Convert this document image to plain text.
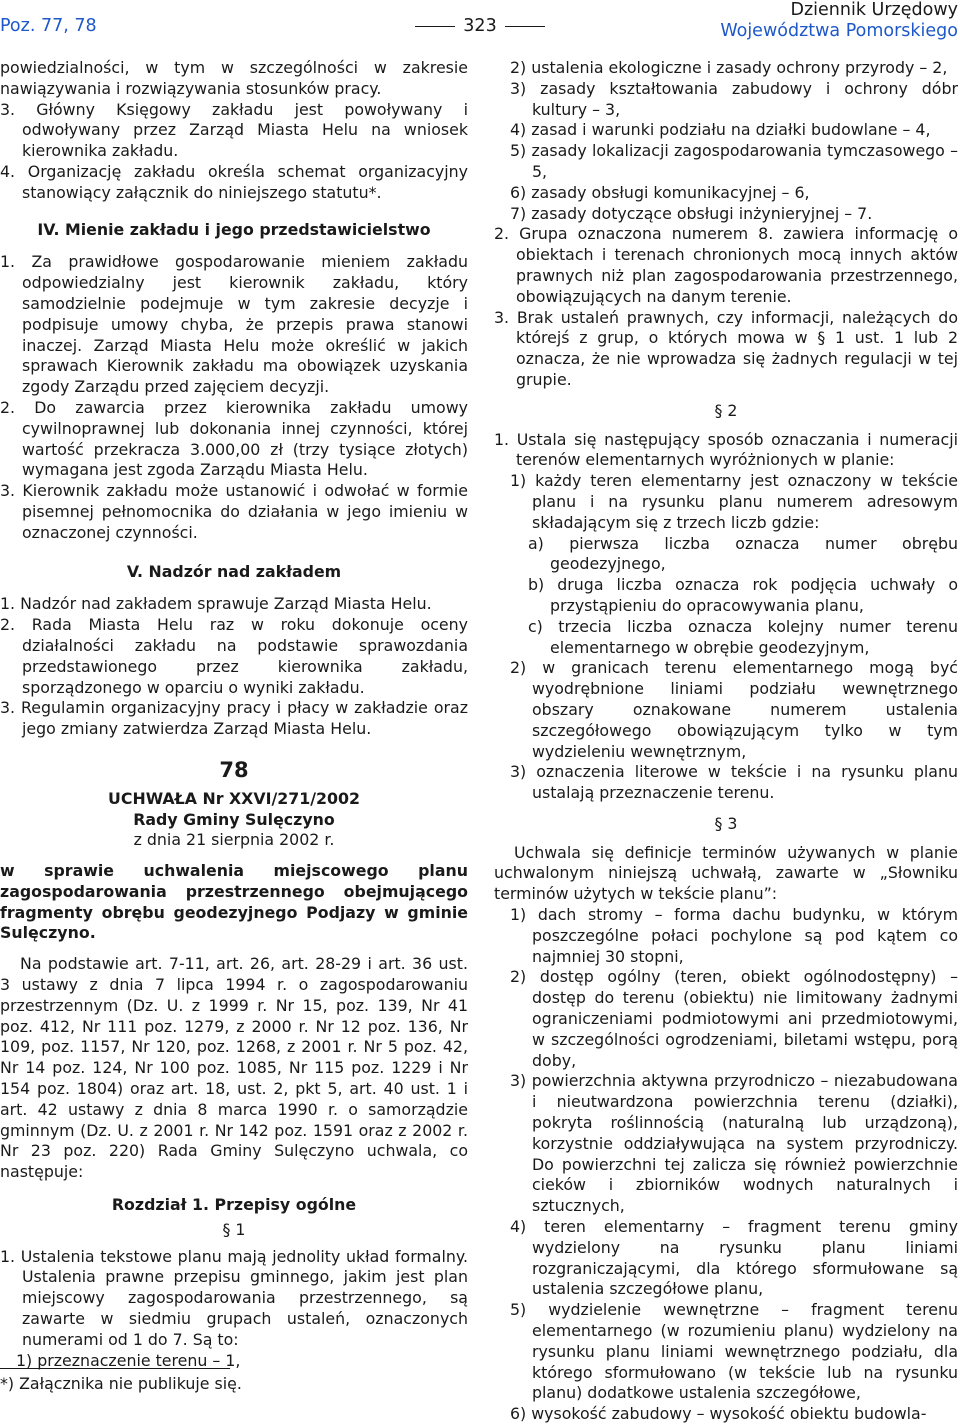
Poz. 77, 78	323
Dziennik Urzędowy
Województwa Pomorskiego

powiedzialności, w tym w szczególności w zakresie nawiązywania i rozwiązywania stosunków pracy.

3. Główny Księgowy zakładu jest powoływany i odwoływany przez Zarząd Miasta Helu na wniosek kierownika zakładu.

4. Organizację zakładu określa schemat organizacyjny stanowiący załącznik do niniejszego statutu*.

IV. Mienie zakładu i jego przedstawicielstwo

1. Za prawidłowe gospodarowanie mieniem zakładu odpowiedzialny jest kierownik zakładu, który samodzielnie podejmuje w tym zakresie decyzje i podpisuje umowy chyba, że przepis prawa stanowi inaczej. Zarząd Miasta Helu może określić w jakich sprawach Kierownik zakładu ma obowiązek uzyskania zgody Zarządu przed zajęciem decyzji.

2. Do zawarcia przez kierownika zakładu umowy cywilnoprawnej lub dokonania innej czynności, której wartość przekracza 3.000,00 zł (trzy tysiące złotych) wymagana jest zgoda Zarządu Miasta Helu.

3. Kierownik zakładu może ustanowić i odwołać w formie pisemnej pełnomocnika do działania w jego imieniu w oznaczonej czynności.

V. Nadzór nad zakładem

1. Nadzór nad zakładem sprawuje Zarząd Miasta Helu.

2. Rada Miasta Helu raz w roku dokonuje oceny działalności zakładu na podstawie sprawozdania przedstawionego przez kierownika zakładu, sporządzonego w oparciu o wyniki zakładu.

3. Regulamin organizacyjny pracy i płacy w zakładzie oraz jego zmiany zatwierdza Zarząd Miasta Helu.

78
UCHWAŁA Nr XXVI/271/2002
Rady Gminy Sulęczyno
z dnia 21 sierpnia 2002 r.

w sprawie uchwalenia miejscowego planu zagospodarowania przestrzennego obejmującego fragmenty obrębu geodezyjnego Podjazy w gminie Sulęczyno.

Na podstawie art. 7-11, art. 26, art. 28-29 i art. 36 ust. 3 ustawy z dnia 7 lipca 1994 r. o zagospodarowaniu przestrzennym (Dz. U. z 1999 r. Nr 15, poz. 139, Nr 41 poz. 412, Nr 111 poz. 1279, z 2000 r. Nr 12 poz. 136, Nr 109, poz. 1157, Nr 120, poz. 1268, z 2001 r. Nr 5 poz. 42, Nr 14 poz. 124, Nr 100 poz. 1085, Nr 115 poz. 1229 i Nr 154 poz. 1804) oraz art. 18, ust. 2, pkt 5, art. 40 ust. 1 i art. 42 ustawy z dnia 8 marca 1990 r. o samorządzie gminnym (Dz. U. z 2001 r. Nr 142 poz. 1591 oraz z 2002 r. Nr 23 poz. 220) Rada Gminy Sulęczyno uchwala, co następuje:

Rozdział 1. Przepisy ogólne
§ 1

1. Ustalenia tekstowe planu mają jednolity układ formalny. Ustalenia prawne przepisu gminnego, jakim jest plan miejscowy zagospodarowania przestrzennego, są zawarte w siedmiu grupach ustaleń, oznaczonych numerami od 1 do 7. Są to:

1) przeznaczenie terenu – 1,

*) Załącznika nie publikuje się.

2) ustalenia ekologiczne i zasady ochrony przyrody – 2,

3) zasady kształtowania zabudowy i ochrony dóbr kultury – 3,

4) zasad i warunki podziału na działki budowlane – 4,

5) zasady lokalizacji zagospodarowania tymczasowego – 5,

6) zasady obsługi komunikacyjnej – 6,

7) zasady dotyczące obsługi inżynieryjnej – 7.

2. Grupa oznaczona numerem 8. zawiera informację o obiektach i terenach chronionych mocą innych aktów prawnych niż plan zagospodarowania przestrzennego, obowiązujących na danym terenie.

3. Brak ustaleń prawnych, czy informacji, należących do którejś z grup, o których mowa w § 1 ust. 1 lub 2 oznacza, że nie wprowadza się żadnych regulacji w tej grupie.

§ 2

1. Ustala się następujący sposób oznaczania i numeracji terenów elementarnych wyróżnionych w planie:

1) każdy teren elementarny jest oznaczony w tekście planu i na rysunku planu numerem adresowym składającym się z trzech liczb gdzie:

a) pierwsza liczba oznacza numer obrębu geodezyjnego,

b) druga liczba oznacza rok podjęcia uchwały o przystąpieniu do opracowywania planu,

c) trzecia liczba oznacza kolejny numer terenu elementarnego w obrębie geodezyjnym,

2) w granicach terenu elementarnego mogą być wyodrębnione liniami podziału wewnętrznego obszary oznakowane numerem ustalenia szczegółowego obowiązującym tylko w tym wydzieleniu wewnętrznym,

3) oznaczenia literowe w tekście i na rysunku planu ustalają przeznaczenie terenu.

§ 3

Uchwala się definicje terminów używanych w planie uchwalonym niniejszą uchwałą, zawarte w „Słowniku terminów użytych w tekście planu”:

1) dach stromy – forma dachu budynku, w którym poszczególne połaci pochylone są pod kątem co najmniej 30 stopni,

2) dostęp ogólny (teren, obiekt ogólnodostępny) – dostęp do terenu (obiektu) nie limitowany żadnymi ograniczeniami podmiotowymi ani przedmiotowymi, w szczególności ogrodzeniami, biletami wstępu, porą doby,

3) powierzchnia aktywna przyrodniczo – niezabudowana i nieutwardzona powierzchnia terenu (działki), pokryta roślinnością (naturalną lub urządzoną), korzystnie oddziaływująca na system przyrodniczy. Do powierzchni tej zalicza się również powierzchnie cieków i zbiorników wodnych naturalnych i sztucznych,

4) teren elementarny – fragment terenu gminy wydzielony na rysunku planu liniami rozgraniczającymi, dla którego sformułowane są ustalenia szczegółowe planu,

5) wydzielenie wewnętrzne – fragment terenu elementarnego (w rozumieniu planu) wydzielony na rysunku planu liniami wewnętrznego podziału, dla którego sformułowano (w tekście lub na rysunku planu) dodatkowe ustalenia szczegółowe,

6) wysokość zabudowy – wysokość obiektu budowla-
